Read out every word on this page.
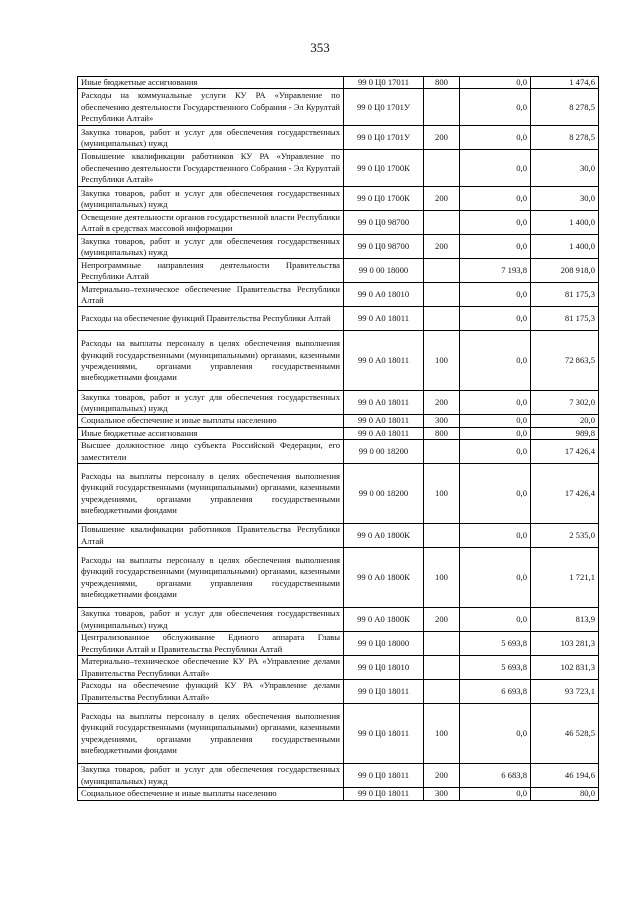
353
Иные бюджетные ассигнования	99 0 Ц0 17011	800	0,0	1 474,6
Расходы на коммунальные услуги КУ РА «Управление по обеспечению деятельности Государственного Собрания - Эл Курултай Республики Алтай»	99 0 Ц0 1701У		0,0	8 278,5
Закупка товаров, работ и услуг для обеспечения государственных (муниципальных) нужд	99 0 Ц0 1701У	200	0,0	8 278,5
Повышение квалификации работников КУ РА «Управление по обеспечению деятельности Государственного Собрания - Эл Курултай Республики Алтай»	99 0 Ц0 1700К		0,0	30,0
Закупка товаров, работ и услуг для обеспечения государственных (муниципальных) нужд	99 0 Ц0 1700К	200	0,0	30,0
Освещение деятельности органов государственной власти Республики Алтай в средствах массовой информации	99 0 Ц0 98700		0,0	1 400,0
Закупка товаров, работ и услуг для обеспечения государственных (муниципальных) нужд	99 0 Ц0 98700	200	0,0	1 400,0
Непрограммные направления деятельности Правительства Республики Алтай	99 0 00 18000		7 193,8	208 918,0
Материально–техническое обеспечение Правительства Республики Алтай	99 0 А0 18010		0,0	81 175,3
Расходы на обеспечение функций Правительства Республики Алтай	99 0 А0 18011		0,0	81 175,3
Расходы на выплаты персоналу в целях обеспечения выполнения функций государственными (муниципальными) органами, казенными учреждениями, органами управления государственными внебюджетными фондами	99 0 А0 18011	100	0,0	72 863,5
Закупка товаров, работ и услуг для обеспечения государственных (муниципальных) нужд	99 0 А0 18011	200	0,0	7 302,0
Социальное обеспечение и иные выплаты населению	99 0 А0 18011	300	0,0	20,0
Иные бюджетные ассигнования	99 0 А0 18011	800	0,0	989,8
Высшее должностное лицо субъекта Российской Федерации, его заместители	99 0 00 18200		0,0	17 426,4
Расходы на выплаты персоналу в целях обеспечения выполнения функций государственными (муниципальными) органами, казенными учреждениями, органами управления государственными внебюджетными фондами	99 0 00 18200	100	0,0	17 426,4
Повышение квалификации работников Правительства Республики Алтай	99 0 А0 1800К		0,0	2 535,0
Расходы на выплаты персоналу в целях обеспечения выполнения функций государственными (муниципальными) органами, казенными учреждениями, органами управления государственными внебюджетными фондами	99 0 А0 1800К	100	0,0	1 721,1
Закупка товаров, работ и услуг для обеспечения государственных (муниципальных) нужд	99 0 А0 1800К	200	0,0	813,9
Централизованное обслуживание Единого аппарата Главы Республики Алтай и Правительства Республики Алтай	99 0 Ц0 18000		5 693,8	103 281,3
Материально–техническое обеспечение КУ РА «Управление делами Правительства Республики Алтай»	99 0 Ц0 18010		5 693,8	102 831,3
Расходы на обеспечение функций КУ РА «Управление делами Правительства Республики Алтай»	99 0 Ц0 18011		6 693,8	93 723,1
Расходы на выплаты персоналу в целях обеспечения выполнения функций государственными (муниципальными) органами, казенными учреждениями, органами управления государственными внебюджетными фондами	99 0 Ц0 18011	100	0,0	46 528,5
Закупка товаров, работ и услуг для обеспечения государственных (муниципальных) нужд	99 0 Ц0 18011	200	6 683,8	46 194,6
Социальное обеспечение и иные выплаты населению	99 0 Ц0 18011	300	0,0	80,0
